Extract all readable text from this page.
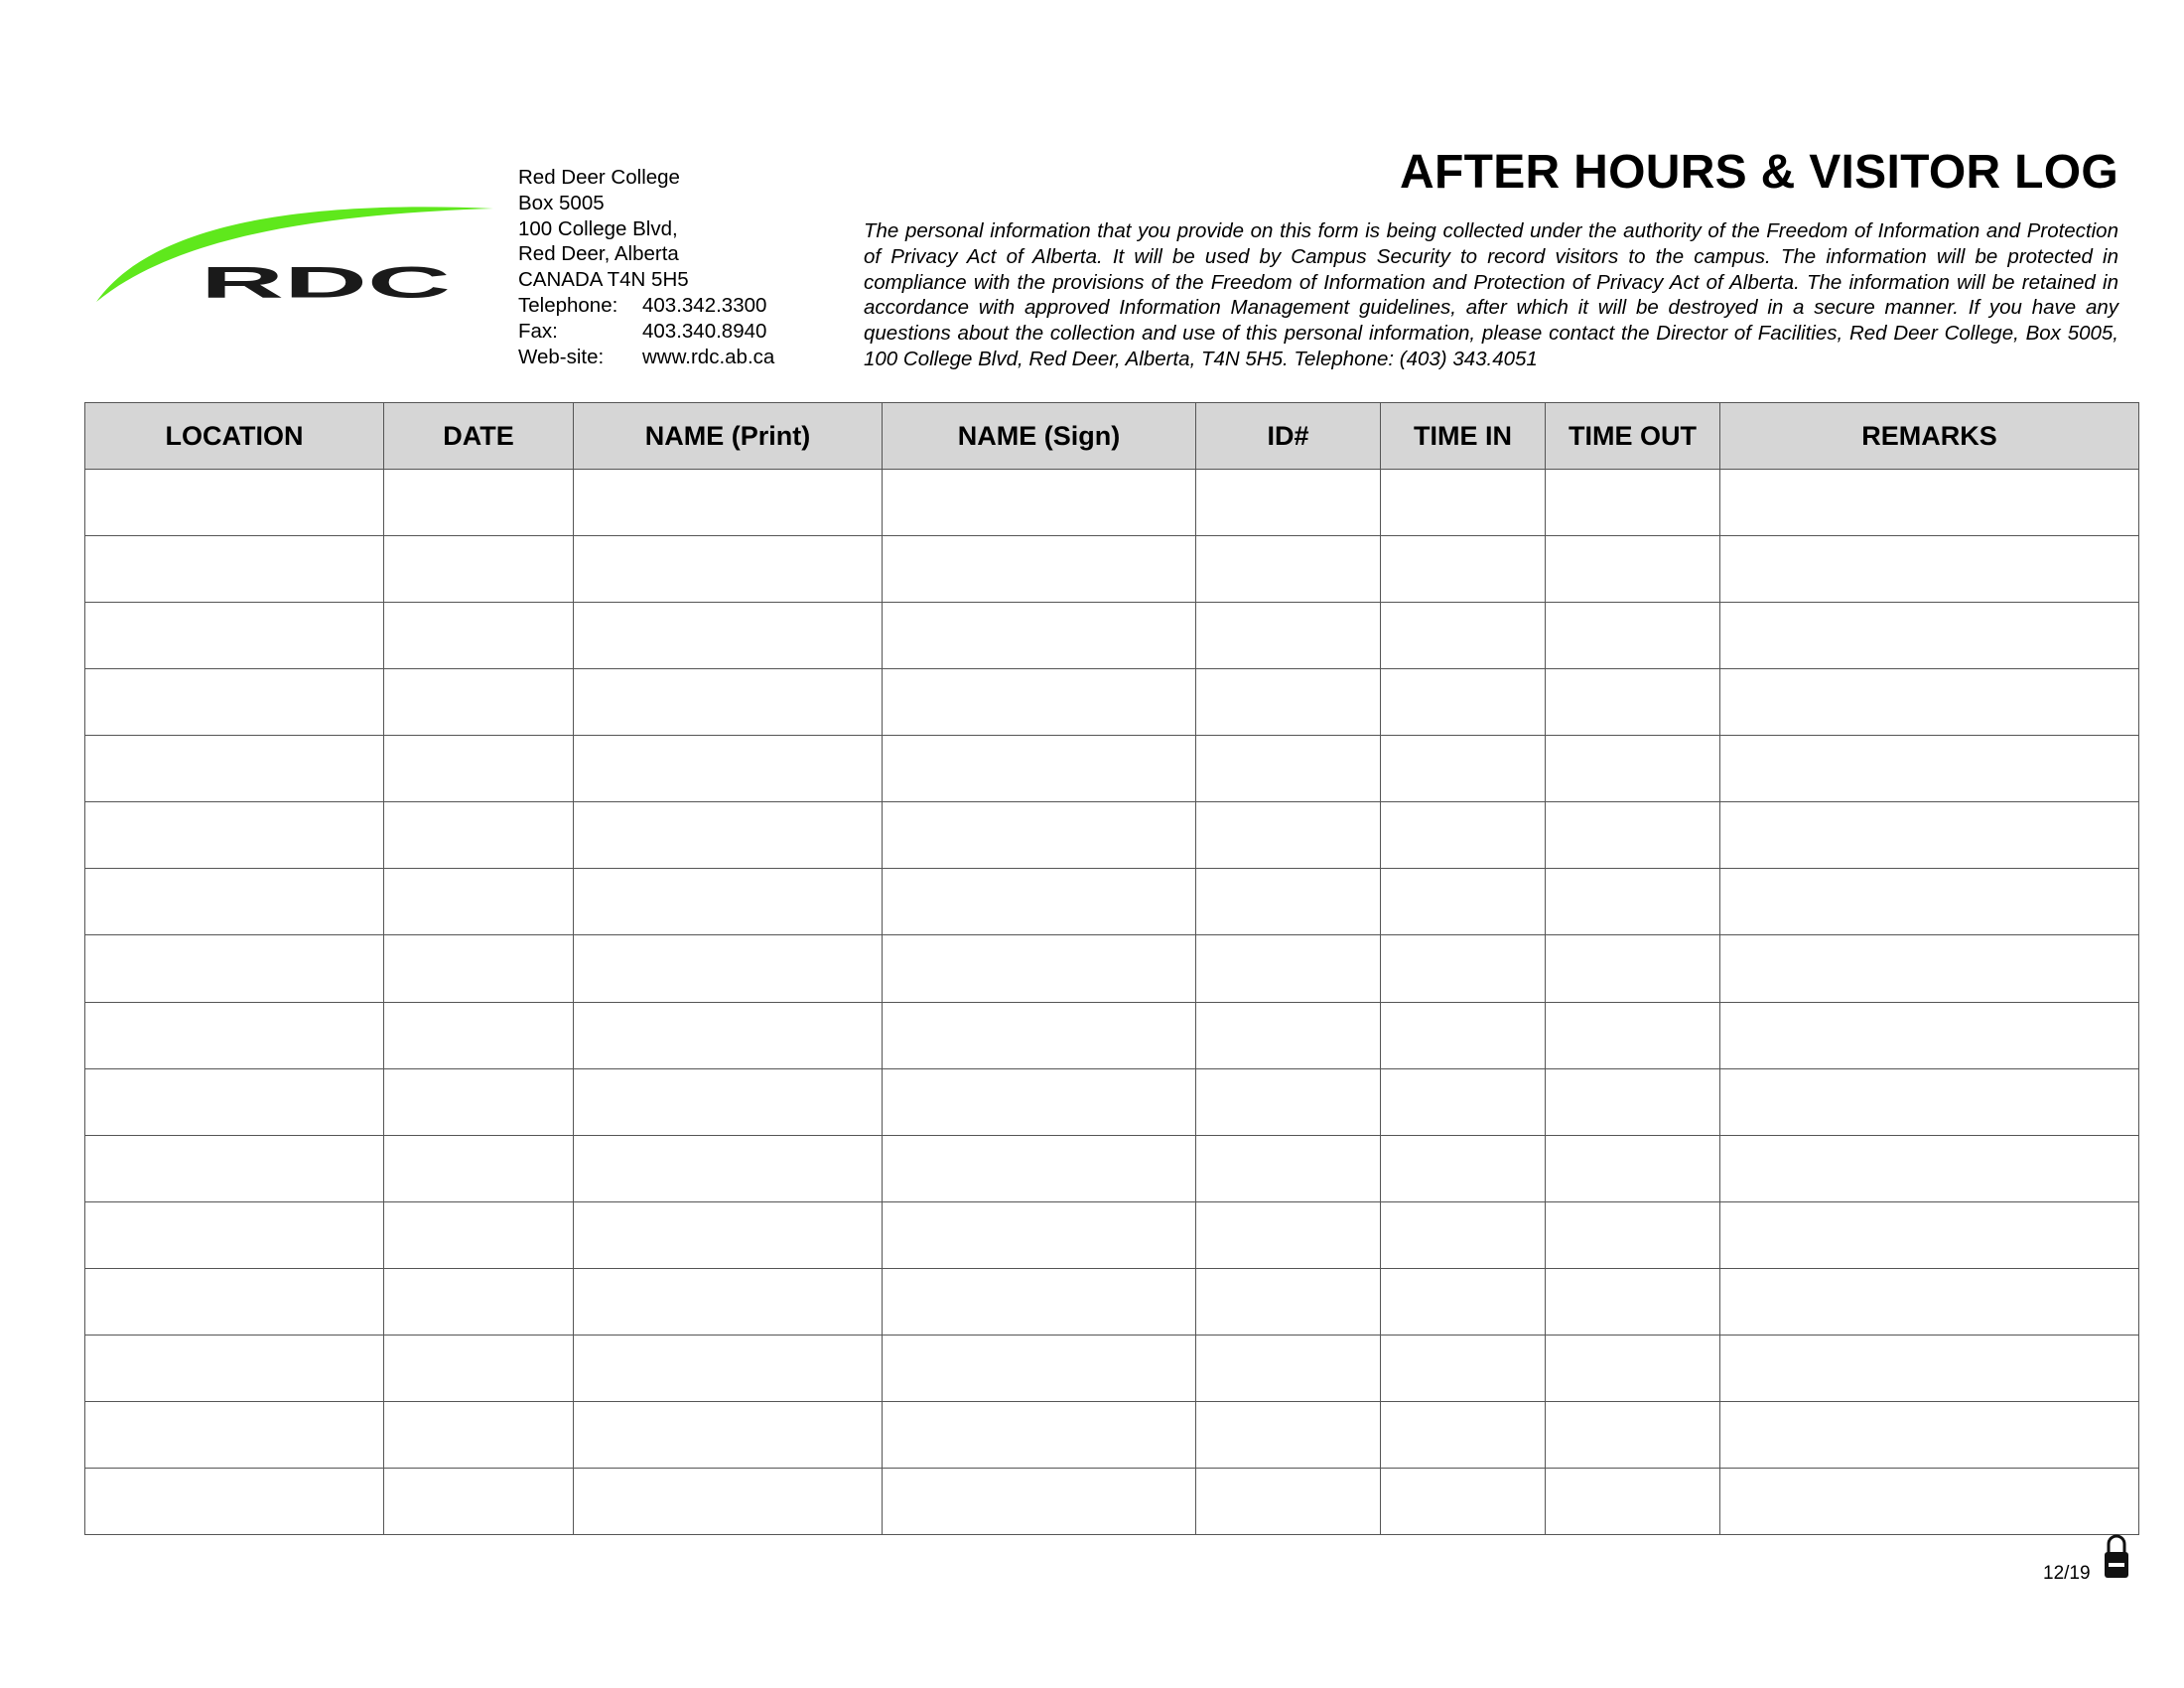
RDC
Red Deer College
Box 5005
100 College Blvd,
Red Deer, Alberta
CANADA T4N 5H5
Telephone:	403.342.3300
Fax:	403.340.8940
Web-site:	www.rdc.ab.ca
AFTER HOURS & VISITOR LOG
The personal information that you provide on this form is being collected under the authority of the Freedom of Information and Protection of Privacy Act of Alberta. It will be used by Campus Security to record visitors to the campus. The information will be protected in compliance with the provisions of the Freedom of Information and Protection of Privacy Act of Alberta. The information will be retained in accordance with approved Information Management guidelines, after which it will be destroyed in a secure manner. If you have any questions about the collection and use of this personal information, please contact the Director of Facilities, Red Deer College, Box 5005, 100 College Blvd, Red Deer, Alberta, T4N 5H5. Telephone: (403) 343.4051
LOCATION	DATE	NAME (Print)	NAME (Sign)	ID#	TIME IN	TIME OUT	REMARKS

12/19
